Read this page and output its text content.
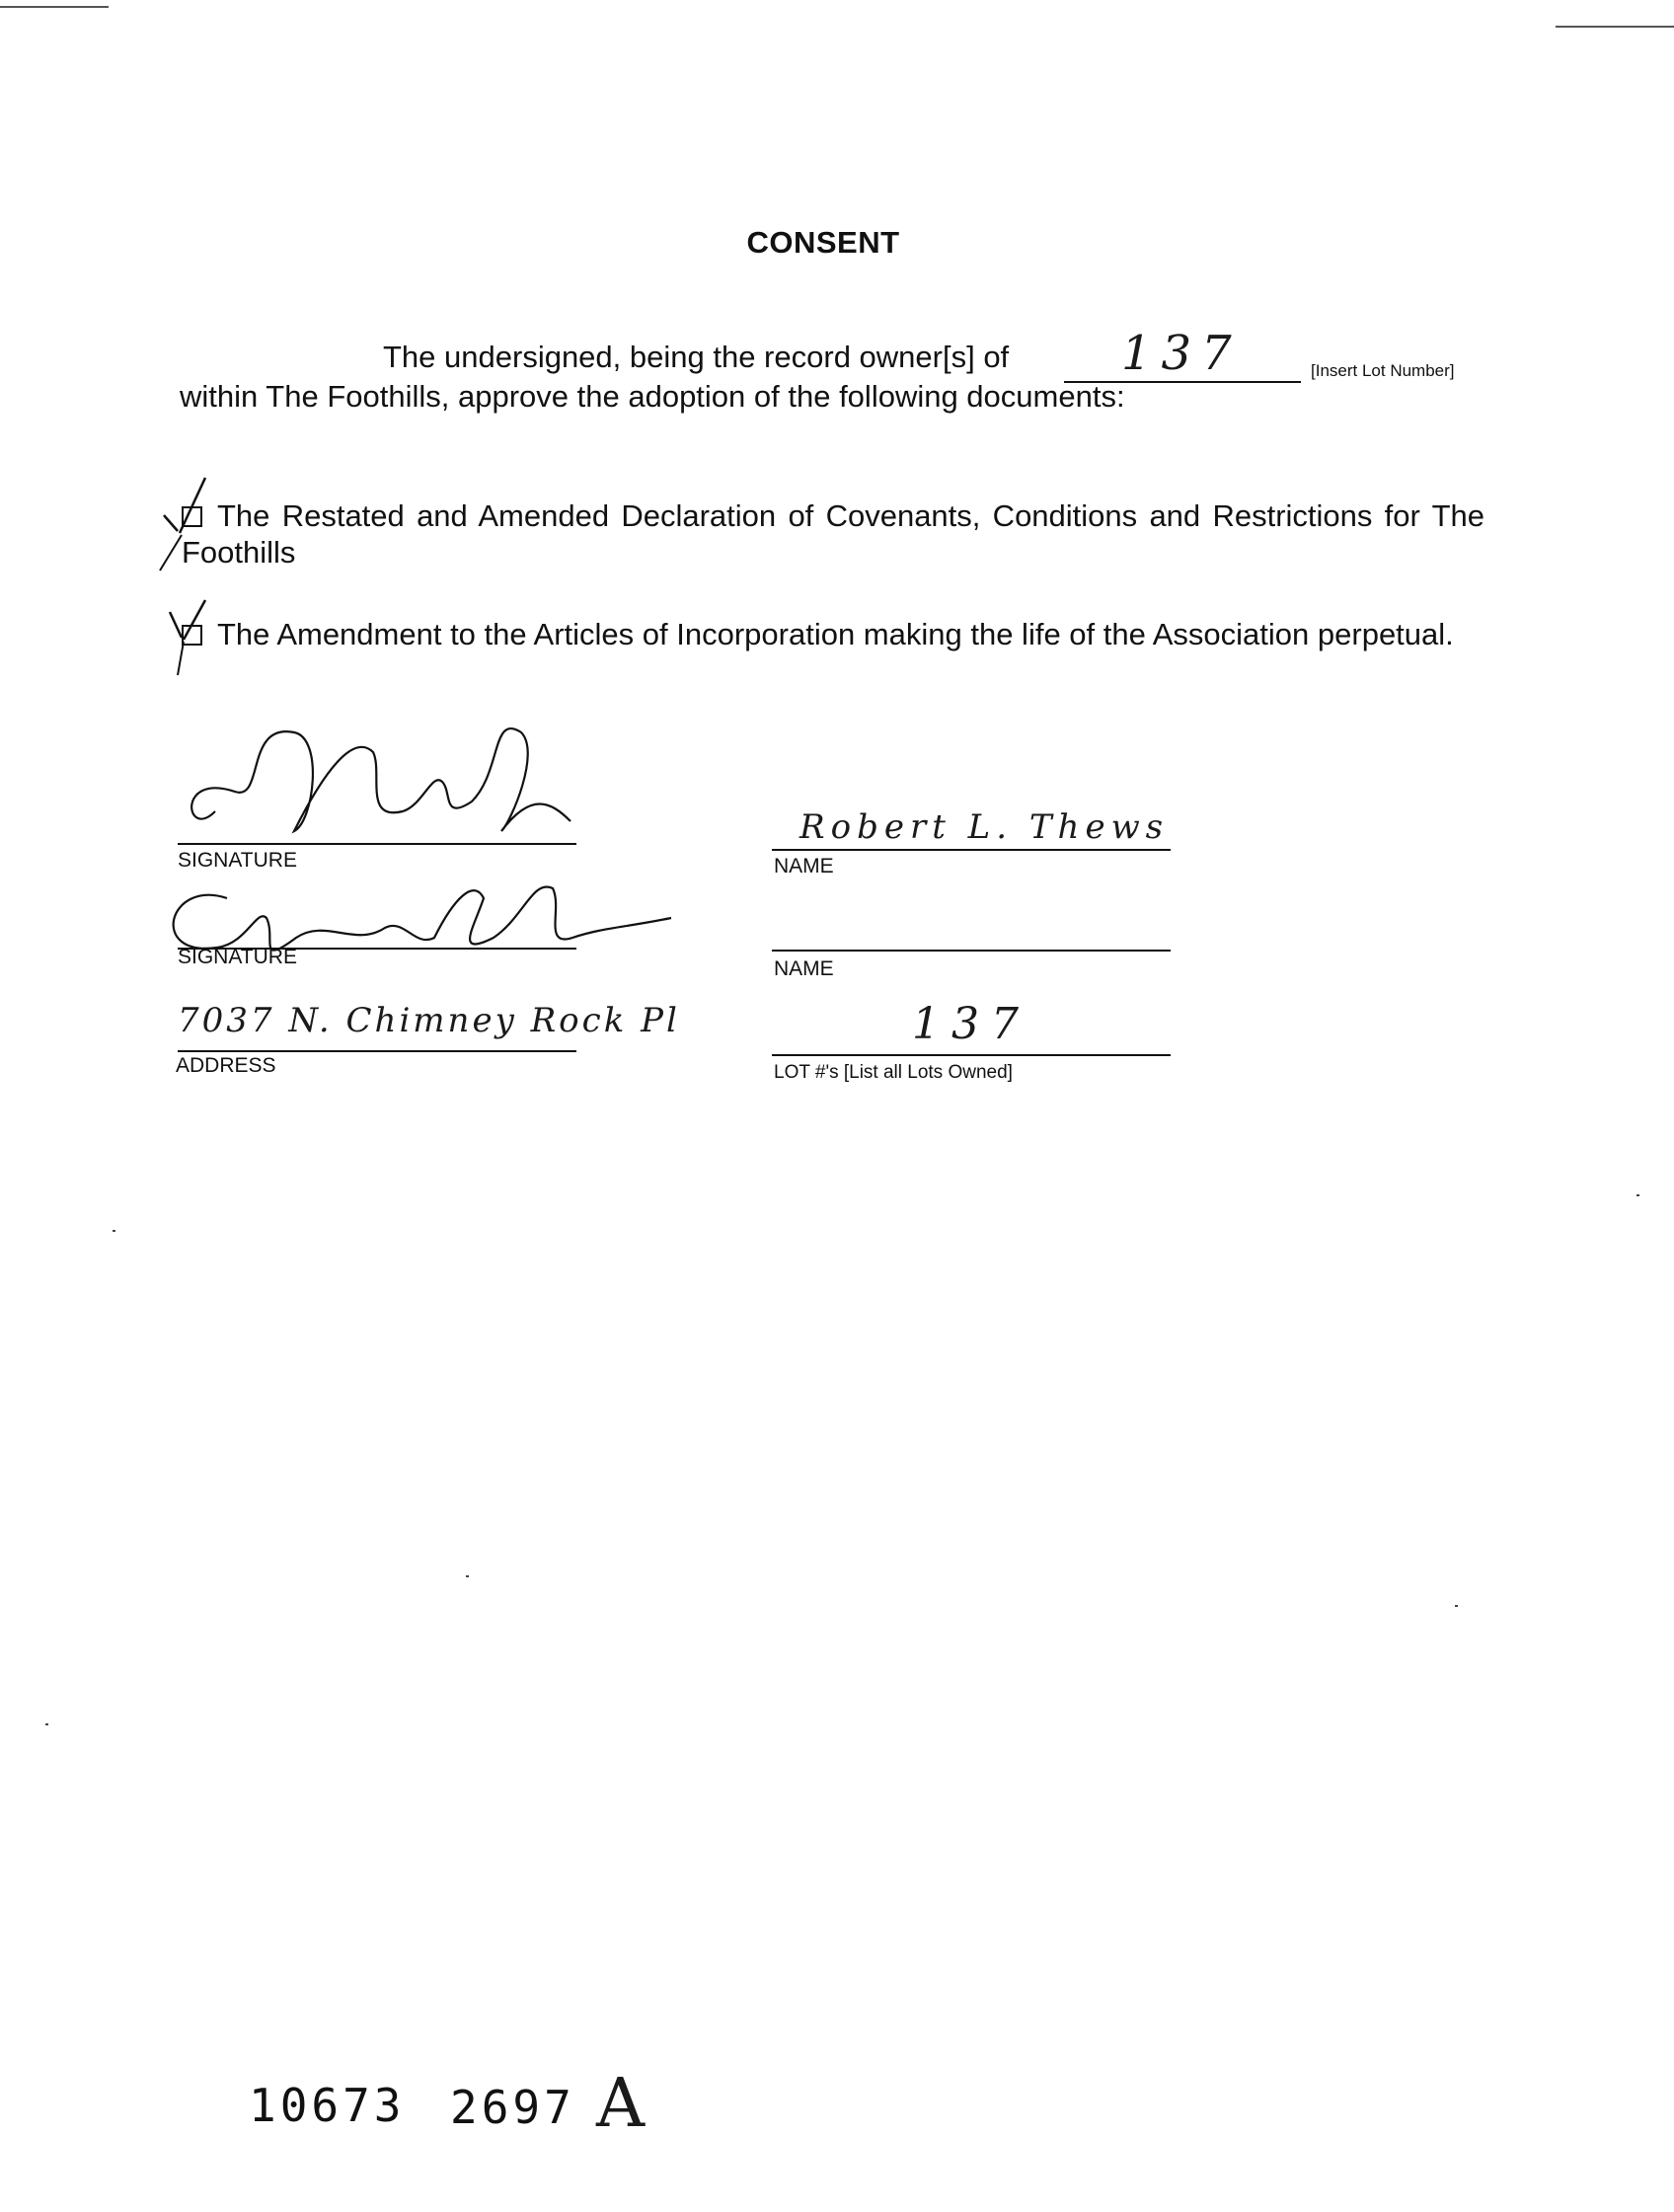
CONSENT
The undersigned, being the record owner[s] of 137	[Insert Lot Number]
within The Foothills, approve the adoption of the following documents:
The Restated and Amended Declaration of Covenants, Conditions and Restrictions for The Foothills
The Amendment to the Articles of Incorporation making the life of the Association perpetual.
SIGNATURE
Robert L. Thews
NAME
SIGNATURE
NAME
7037 N. Chimney Rock Pl
ADDRESS
137
LOT #'s [List all Lots Owned]
10673 2697 A
